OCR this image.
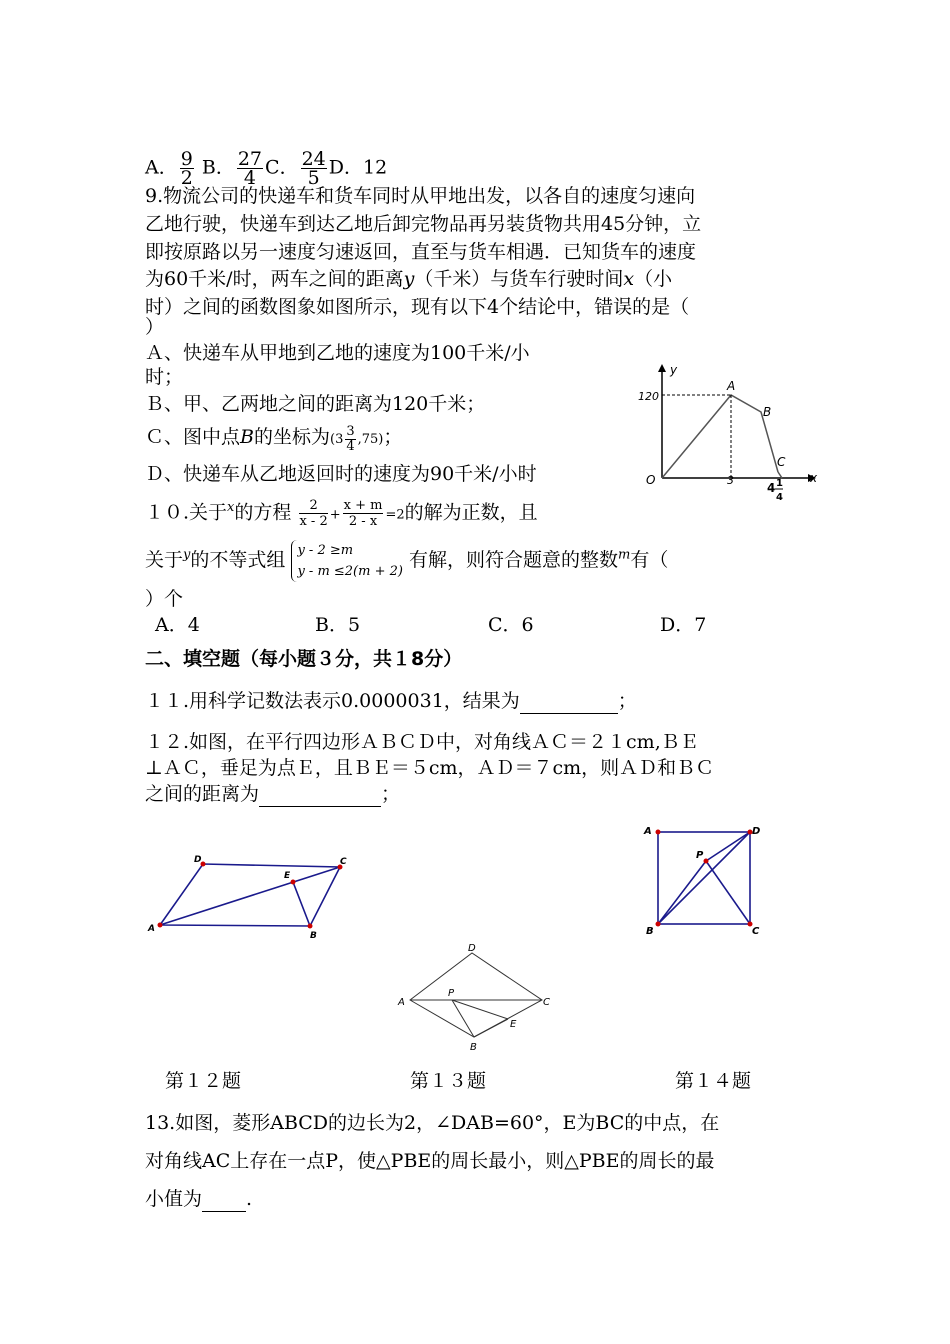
A． $\frac{9}{2}$ B． $\frac{27}{4}$ C． $\frac{24}{5}$ D．12
9.物流公司的快递车和货车同时从甲地出发，以各自的速度匀速向
乙地行驶，快递车到达乙地后卸完物品再另装货物共用45分钟，立
即按原路以另一速度匀速返回，直至与货车相遇．已知货车的速度
为60千米/时，两车之间的距离y（千米）与货车行驶时间x（小
时）之间的函数图象如图所示，现有以下4个结论中，错误的是（
）
Ａ、快递车从甲地到乙地的速度为100千米/小
时；
Ｂ、甲、乙两地之间的距离为120千米；
Ｃ、图中点B的坐标为$(3 \frac{3}{4} ,75)$；
Ｄ、快递车从乙地返回时的速度为90千米/小时
y
x
O
120
3
A
B
C
4 1
4
１０.关于$^x$的方程 $\frac{2}{x - 2} + \frac{x + m}{2 - x} =2$的解为正数，且
关于$^y$的不等式组 y - 2 ≥m
y - m ≤2(m + 2)
有解，则符合题意的整数$^m$有（
）个
A．4	B．5	C．6	D．7
二、填空题（每小题３分，共１8分）
１１.用科学记数法表示0.0000031，结果为	；
１２.如图，在平行四边形ＡＢＣＤ中，对角线ＡＣ＝２１cm,ＢＥ
⊥ＡＣ，垂足为点Ｅ，且ＢＥ＝５cm，ＡＤ＝７cm，则ＡＤ和ＢＣ
之间的距离为	；
A
B
C
D
E
A
B
C
D
E
P
A
B	C
D
P
第１２题	第１３题	第１４题
13.如图，菱形ABCD的边长为2，∠DAB=60°，E为BC的中点，在
对角线AC上存在一点P，使△PBE的周长最小，则△PBE的周长的最
小值为 .
